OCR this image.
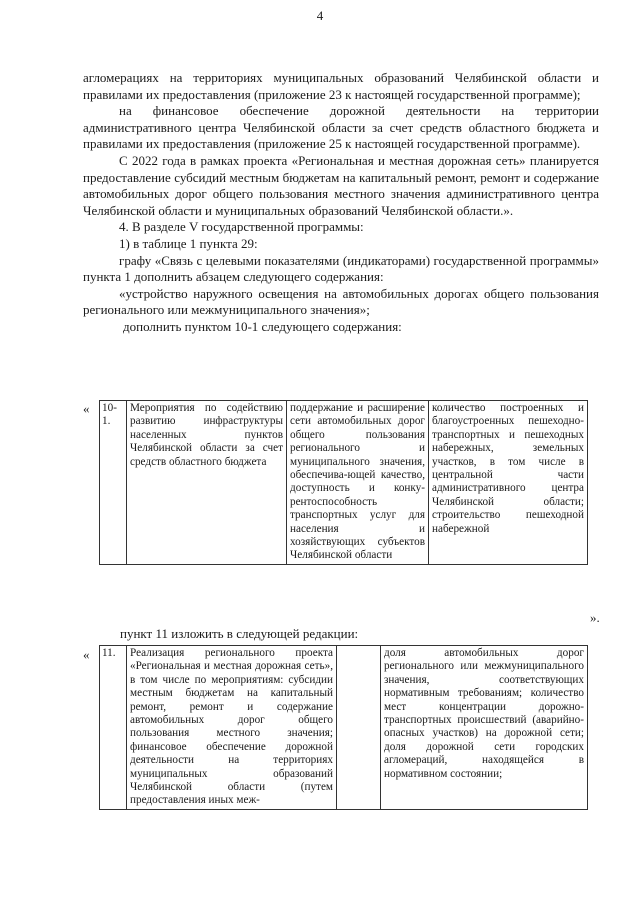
4

агломерациях на территориях муниципальных образований Челябинской области и правилами их предоставления (приложение 23 к настоящей государственной программе);

на финансовое обеспечение дорожной деятельности на территории административного центра Челябинской области за счет средств областного бюджета и правилами их предоставления (приложение 25 к настоящей государственной программе).

С 2022 года в рамках проекта «Региональная и местная дорожная сеть» планируется предоставление субсидий местным бюджетам на капитальный ремонт, ремонт и содержание автомобильных дорог общего пользования местного значения административного центра Челябинской области и муниципальных образований Челябинской области.».

4. В разделе V государственной программы:

1) в таблице 1 пункта 29:

графу «Связь с целевыми показателями (индикаторами) государственной программы» пункта 1 дополнить абзацем следующего содержания:

«устройство наружного освещения на автомобильных дорогах общего пользования регионального или межмуниципального значения»;

дополнить пунктом 10-1 следующего содержания:

« 10-1.	Мероприятия по содействию развитию инфраструктуры населенных пунктов Челябинской области за счет средств областного бюджета	поддержание и расширение сети автомобильных дорог общего пользования регионального и муниципального значения, обеспечива-ющей качество, доступность и конку-рентоспособность транспортных услуг для населения и хозяйствующих субъектов Челябинской области	количество построенных и благоустроенных пешеходно-транспортных и пешеходных набережных, земельных участков, в том числе в центральной части административного центра Челябинской области; строительство пешеходной набережной
».
пункт 11 изложить в следующей редакции:
« 11.	Реализация регионального проекта «Региональная и местная дорожная сеть», в том числе по мероприятиям: субсидии местным бюджетам на капитальный ремонт, ремонт и содержание автомобильных дорог общего пользования местного значения; финансовое обеспечение дорожной деятельности на территориях муниципальных образований Челябинской области (путем предоставления иных меж-		доля автомобильных дорог регионального или межмуниципального значения, соответствующих нормативным требованиям; количество мест концентрации дорожно-транспортных происшествий (аварийно-опасных участков) на дорожной сети; доля дорожной сети городских агломераций, находящейся в нормативном состоянии;
